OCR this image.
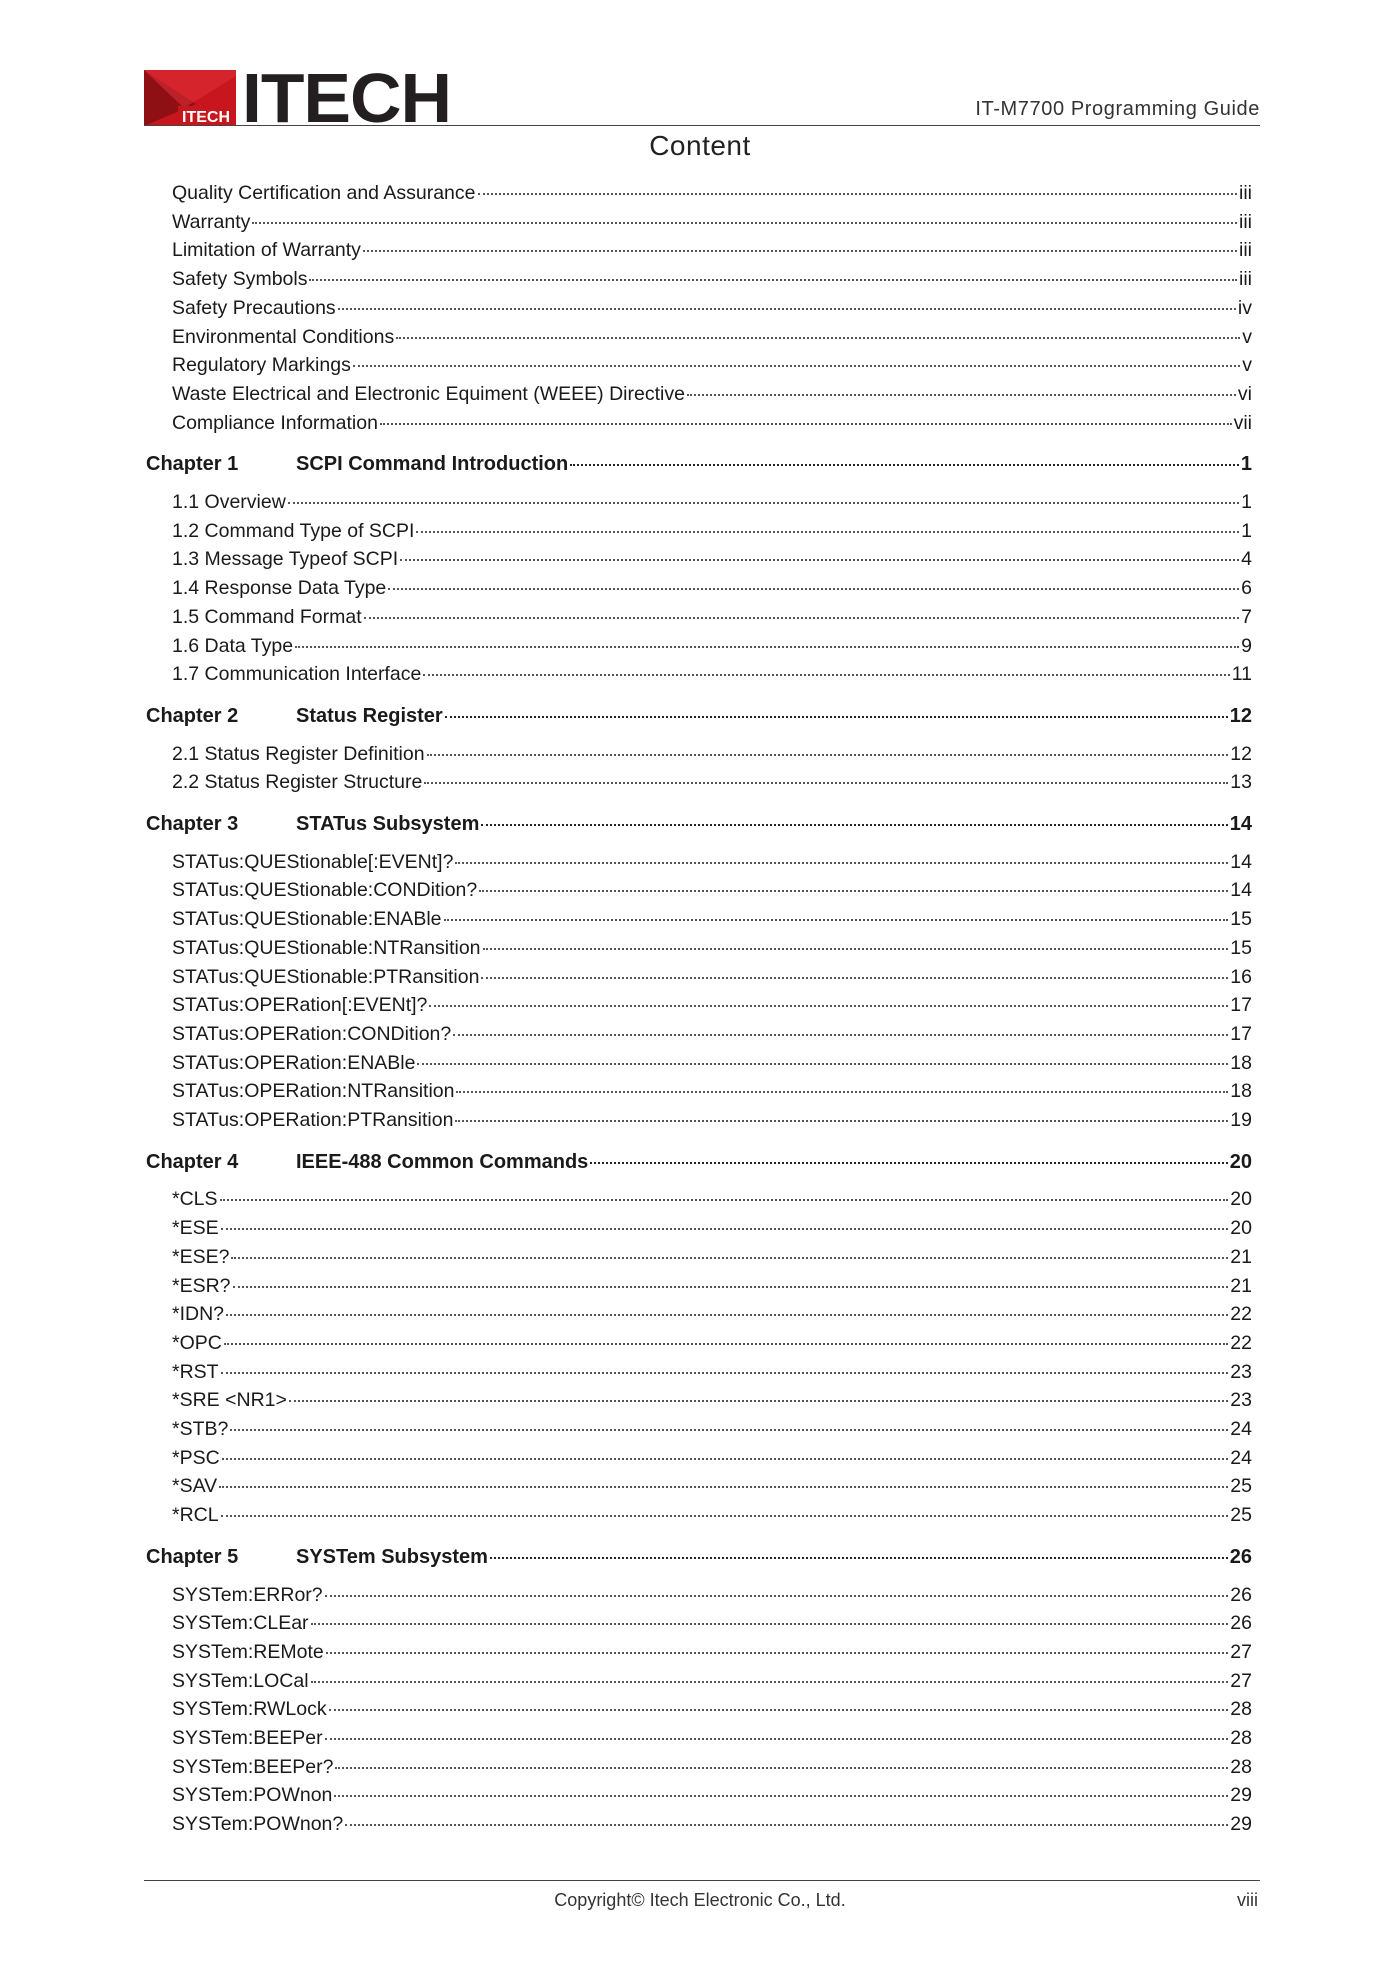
ITECH ITECH	IT-M7700 Programming Guide
Content
Quality Certification and Assurance	iii
Warranty	iii
Limitation of Warranty	iii
Safety Symbols	iii
Safety Precautions	iv
Environmental Conditions	v
Regulatory Markings	v
Waste Electrical and Electronic Equiment (WEEE) Directive	vi
Compliance Information	vii
Chapter 1	SCPI Command Introduction	1
1.1 Overview	1
1.2 Command Type of SCPI	1
1.3 Message Typeof SCPI	4
1.4 Response Data Type	6
1.5 Command Format	7
1.6 Data Type	9
1.7 Communication Interface	11
Chapter 2	Status Register	12
2.1 Status Register Definition	12
2.2 Status Register Structure	13
Chapter 3	STATus Subsystem	14
STATus:QUEStionable[:EVENt]?	14
STATus:QUEStionable:CONDition?	14
STATus:QUEStionable:ENABle	15
STATus:QUEStionable:NTRansition	15
STATus:QUEStionable:PTRansition	16
STATus:OPERation[:EVENt]?	17
STATus:OPERation:CONDition?	17
STATus:OPERation:ENABle	18
STATus:OPERation:NTRansition	18
STATus:OPERation:PTRansition	19
Chapter 4	IEEE-488 Common Commands	20
*CLS	20
*ESE	20
*ESE?	21
*ESR?	21
*IDN?	22
*OPC	22
*RST	23
*SRE <NR1>	23
*STB?	24
*PSC	24
*SAV	25
*RCL	25
Chapter 5	SYSTem Subsystem	26
SYSTem:ERRor?	26
SYSTem:CLEar	26
SYSTem:REMote	27
SYSTem:LOCal	27
SYSTem:RWLock	28
SYSTem:BEEPer	28
SYSTem:BEEPer?	28
SYSTem:POWnon	29
SYSTem:POWnon?	29
Copyright© Itech Electronic Co., Ltd.	viii
